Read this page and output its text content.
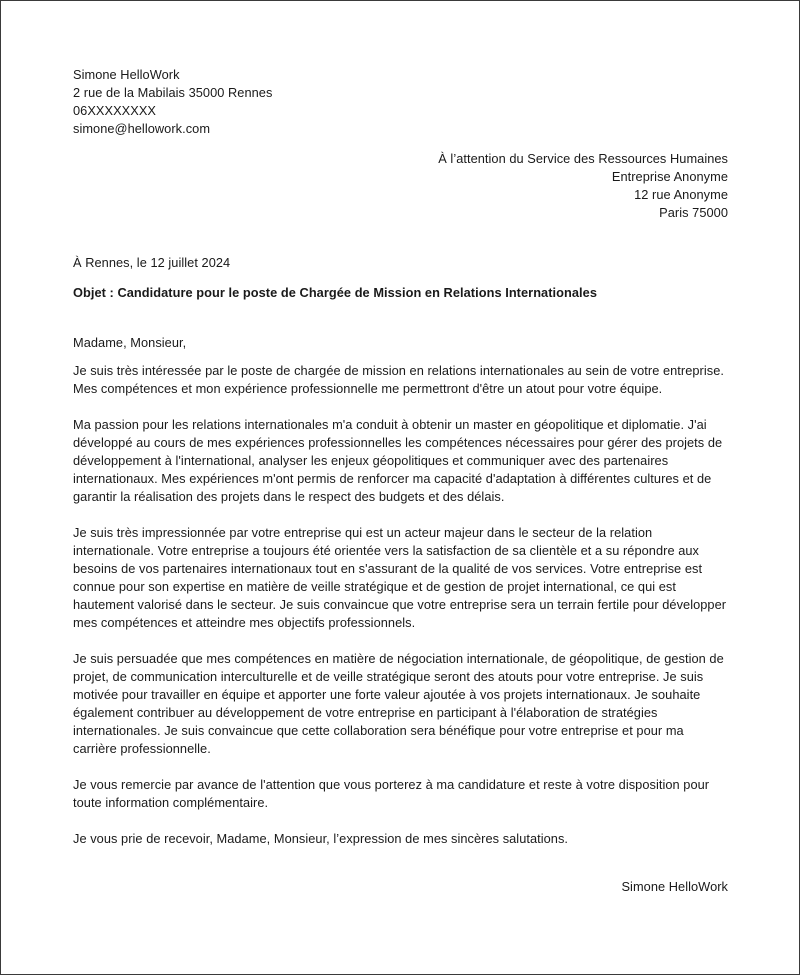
Simone HelloWork
2 rue de la Mabilais 35000 Rennes
06XXXXXXXX
simone@hellowork.com
À l’attention du Service des Ressources Humaines
Entreprise Anonyme
12 rue Anonyme
Paris 75000
À Rennes, le 12 juillet 2024
Objet : Candidature pour le poste de Chargée de Mission en Relations Internationales
Madame, Monsieur,

Je suis très intéressée par le poste de chargée de mission en relations internationales au sein de votre entreprise.
Mes compétences et mon expérience professionnelle me permettront d'être un atout pour votre équipe.

Ma passion pour les relations internationales m'a conduit à obtenir un master en géopolitique et diplomatie. J'ai
développé au cours de mes expériences professionnelles les compétences nécessaires pour gérer des projets de
développement à l'international, analyser les enjeux géopolitiques et communiquer avec des partenaires
internationaux. Mes expériences m'ont permis de renforcer ma capacité d'adaptation à différentes cultures et de
garantir la réalisation des projets dans le respect des budgets et des délais.

Je suis très impressionnée par votre entreprise qui est un acteur majeur dans le secteur de la relation
internationale. Votre entreprise a toujours été orientée vers la satisfaction de sa clientèle et a su répondre aux
besoins de vos partenaires internationaux tout en s'assurant de la qualité de vos services. Votre entreprise est
connue pour son expertise en matière de veille stratégique et de gestion de projet international, ce qui est
hautement valorisé dans le secteur. Je suis convaincue que votre entreprise sera un terrain fertile pour développer
mes compétences et atteindre mes objectifs professionnels.

Je suis persuadée que mes compétences en matière de négociation internationale, de géopolitique, de gestion de
projet, de communication interculturelle et de veille stratégique seront des atouts pour votre entreprise. Je suis
motivée pour travailler en équipe et apporter une forte valeur ajoutée à vos projets internationaux. Je souhaite
également contribuer au développement de votre entreprise en participant à l'élaboration de stratégies
internationales. Je suis convaincue que cette collaboration sera bénéfique pour votre entreprise et pour ma
carrière professionnelle.

Je vous remercie par avance de l'attention que vous porterez à ma candidature et reste à votre disposition pour
toute information complémentaire.

Je vous prie de recevoir, Madame, Monsieur, l’expression de mes sincères salutations.
Simone HelloWork
